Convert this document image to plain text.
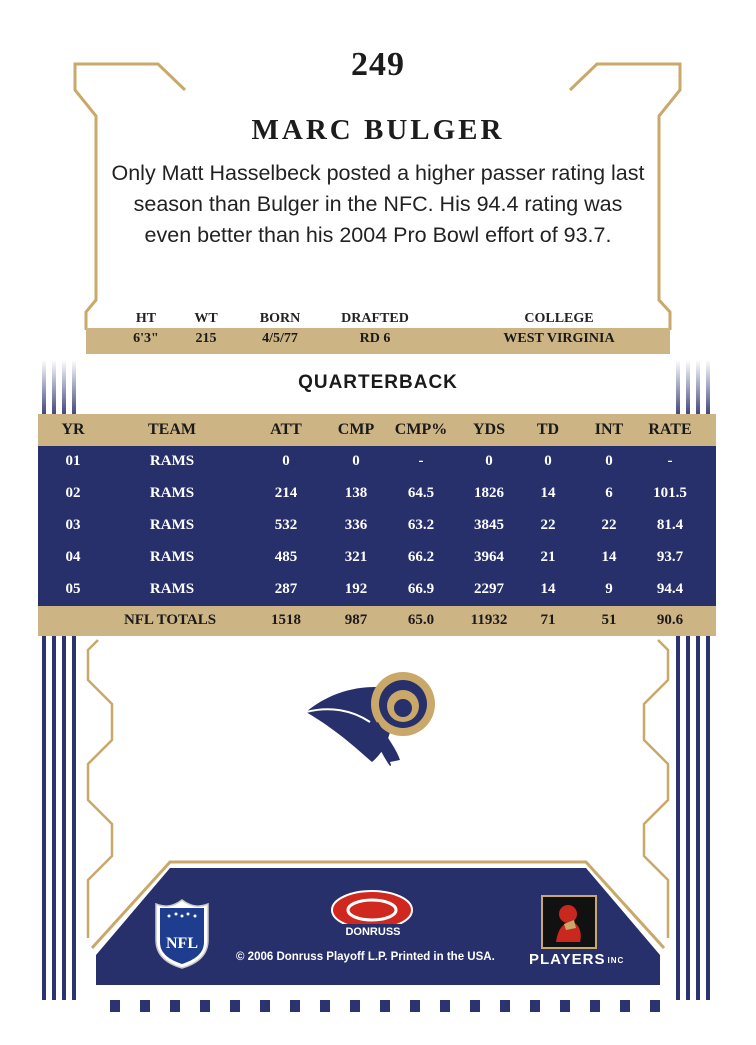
249
MARC BULGER
Only Matt Hasselbeck posted a higher passer rating last season than Bulger in the NFC. His 94.4 rating was even better than his 2004 Pro Bowl effort of 93.7.
HT	WT	BORN	DRAFTED	COLLEGE
6'3"	215	4/5/77	RD 6	WEST VIRGINIA
QUARTERBACK
YR	TEAM	ATT	CMP	CMP%	YDS	TD	INT	RATE
01	RAMS	0	0	-	0	0	0	-
02	RAMS	214	138	64.5	1826	14	6	101.5
03	RAMS	532	336	63.2	3845	22	22	81.4
04	RAMS	485	321	66.2	3964	21	14	93.7
05	RAMS	287	192	66.9	2297	14	9	94.4
NFL TOTALS	1518	987	65.0	11932	71	51	90.6
NFL
DONRUSS
© 2006 Donruss Playoff L.P. Printed in the USA.	PLAYERS INC
